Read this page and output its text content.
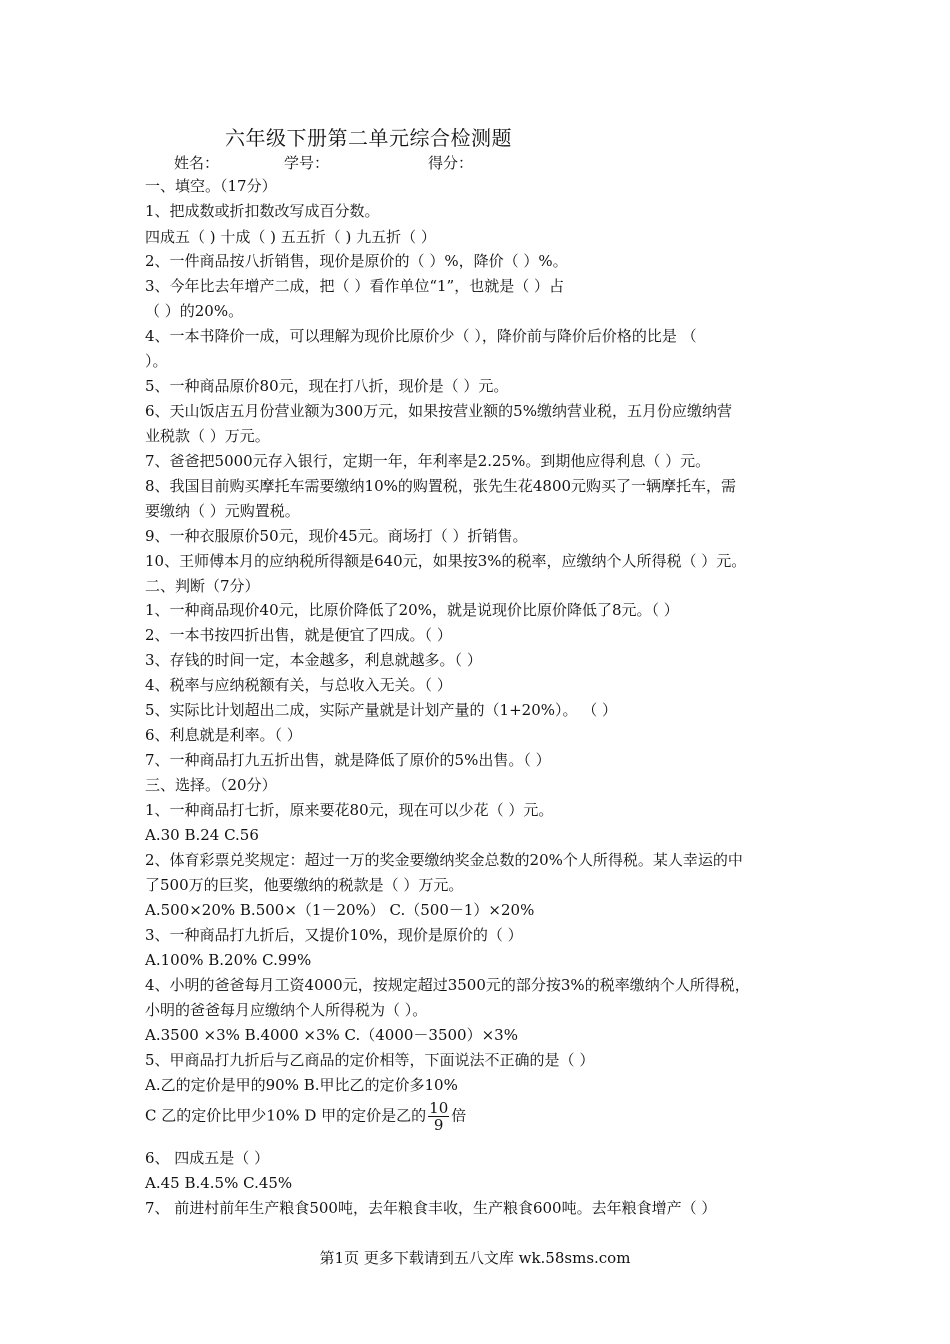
六年级下册第二单元综合检测题
姓名：	学号：	得分：
一、填空。（17分）
1、把成数或折扣数改写成百分数。
四成五（ ) 十成（ ) 五五折（ ) 九五折（ ）
2、一件商品按八折销售，现价是原价的（ ）%，降价（ ）%。
3、今年比去年增产二成，把（ ）看作单位“1”，也就是（ ）占
（ ）的20%。
4、一本书降价一成，可以理解为现价比原价少（ ），降价前与降价后价格的比是 （
）。
5、一种商品原价80元，现在打八折，现价是（ ）元。
6、天山饭店五月份营业额为300万元，如果按营业额的5%缴纳营业税，五月份应缴纳营
业税款（ ）万元。
7、爸爸把5000元存入银行，定期一年，年利率是2.25%。到期他应得利息（ ）元。
8、我国目前购买摩托车需要缴纳10%的购置税，张先生花4800元购买了一辆摩托车，需
要缴纳（ ）元购置税。
9、一种衣服原价50元，现价45元。商场打（ ）折销售。
10、王师傅本月的应纳税所得额是640元，如果按3%的税率，应缴纳个人所得税（ ）元。
二、判断（7分）
1、一种商品现价40元，比原价降低了20%，就是说现价比原价降低了8元。（ ）
2、一本书按四折出售，就是便宜了四成。（ ）
3、存钱的时间一定，本金越多，利息就越多。（ ）
4、税率与应纳税额有关，与总收入无关。（ ）
5、实际比计划超出二成，实际产量就是计划产量的（1+20%）。 （ ）
6、利息就是利率。（ ）
7、一种商品打九五折出售，就是降低了原价的5%出售。（ ）
三、选择。（20分）
1、一种商品打七折，原来要花80元，现在可以少花（ ）元。
A.30 B.24 C.56
2、体育彩票兑奖规定：超过一万的奖金要缴纳奖金总数的20%个人所得税。某人幸运的中
了500万的巨奖，他要缴纳的税款是（ ）万元。
A.500×20% B.500×（1－20%） C.（500－1）×20%
3、一种商品打九折后，又提价10%，现价是原价的（ ）
A.100% B.20% C.99%
4、小明的爸爸每月工资4000元，按规定超过3500元的部分按3%的税率缴纳个人所得税，
小明的爸爸每月应缴纳个人所得税为（ ）。
A.3500 ×3% B.4000 ×3% C.（4000－3500）×3%
5、甲商品打九折后与乙商品的定价相等，下面说法不正确的是（ ）
A.乙的定价是甲的90% B.甲比乙的定价多10%
C 乙的定价比甲少10% D 甲的定价是乙的 $\frac{10}{9}$ 倍
6、 四成五是（ ）
A.45 B.4.5% C.45%
7、 前进村前年生产粮食500吨，去年粮食丰收，生产粮食600吨。去年粮食增产（ ）
第1页 更多下载请到五八文库 wk.58sms.com
